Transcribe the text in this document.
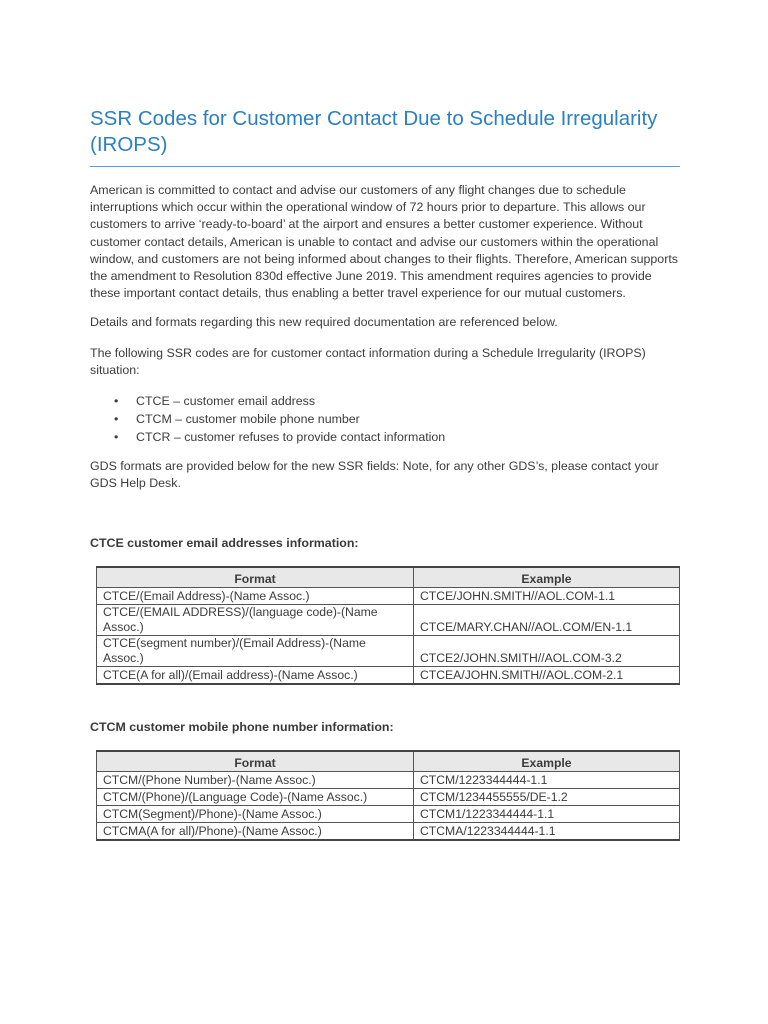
SSR Codes for Customer Contact Due to Schedule Irregularity (IROPS)

American is committed to contact and advise our customers of any flight changes due to schedule interruptions which occur within the operational window of 72 hours prior to departure. This allows our customers to arrive ‘ready-to-board’ at the airport and ensures a better customer experience. Without customer contact details, American is unable to contact and advise our customers within the operational window, and customers are not being informed about changes to their flights. Therefore, American supports the amendment to Resolution 830d effective June 2019. This amendment requires agencies to provide these important contact details, thus enabling a better travel experience for our mutual customers.

Details and formats regarding this new required documentation are referenced below.

The following SSR codes are for customer contact information during a Schedule Irregularity (IROPS) situation:

• CTCE – customer email address
• CTCM – customer mobile phone number
• CTCR – customer refuses to provide contact information

GDS formats are provided below for the new SSR fields: Note, for any other GDS’s, please contact your GDS Help Desk.

CTCE customer email addresses information:

Format	Example
CTCE/(Email Address)-(Name Assoc.)	CTCE/JOHN.SMITH//AOL.COM-1.1
CTCE/(EMAIL ADDRESS)/(language code)-(Name Assoc.)	CTCE/MARY.CHAN//AOL.COM/EN-1.1
CTCE(segment number)/(Email Address)-(Name Assoc.)	CTCE2/JOHN.SMITH//AOL.COM-3.2
CTCE(A for all)/(Email address)-(Name Assoc.)	CTCEA/JOHN.SMITH//AOL.COM-2.1

CTCM customer mobile phone number information:

Format	Example
CTCM/(Phone Number)-(Name Assoc.)	CTCM/1223344444-1.1
CTCM/(Phone)/(Language Code)-(Name Assoc.)	CTCM/1234455555/DE-1.2
CTCM(Segment)/Phone)-(Name Assoc.)	CTCM1/1223344444-1.1
CTCMA(A for all)/Phone)-(Name Assoc.)	CTCMA/1223344444-1.1
